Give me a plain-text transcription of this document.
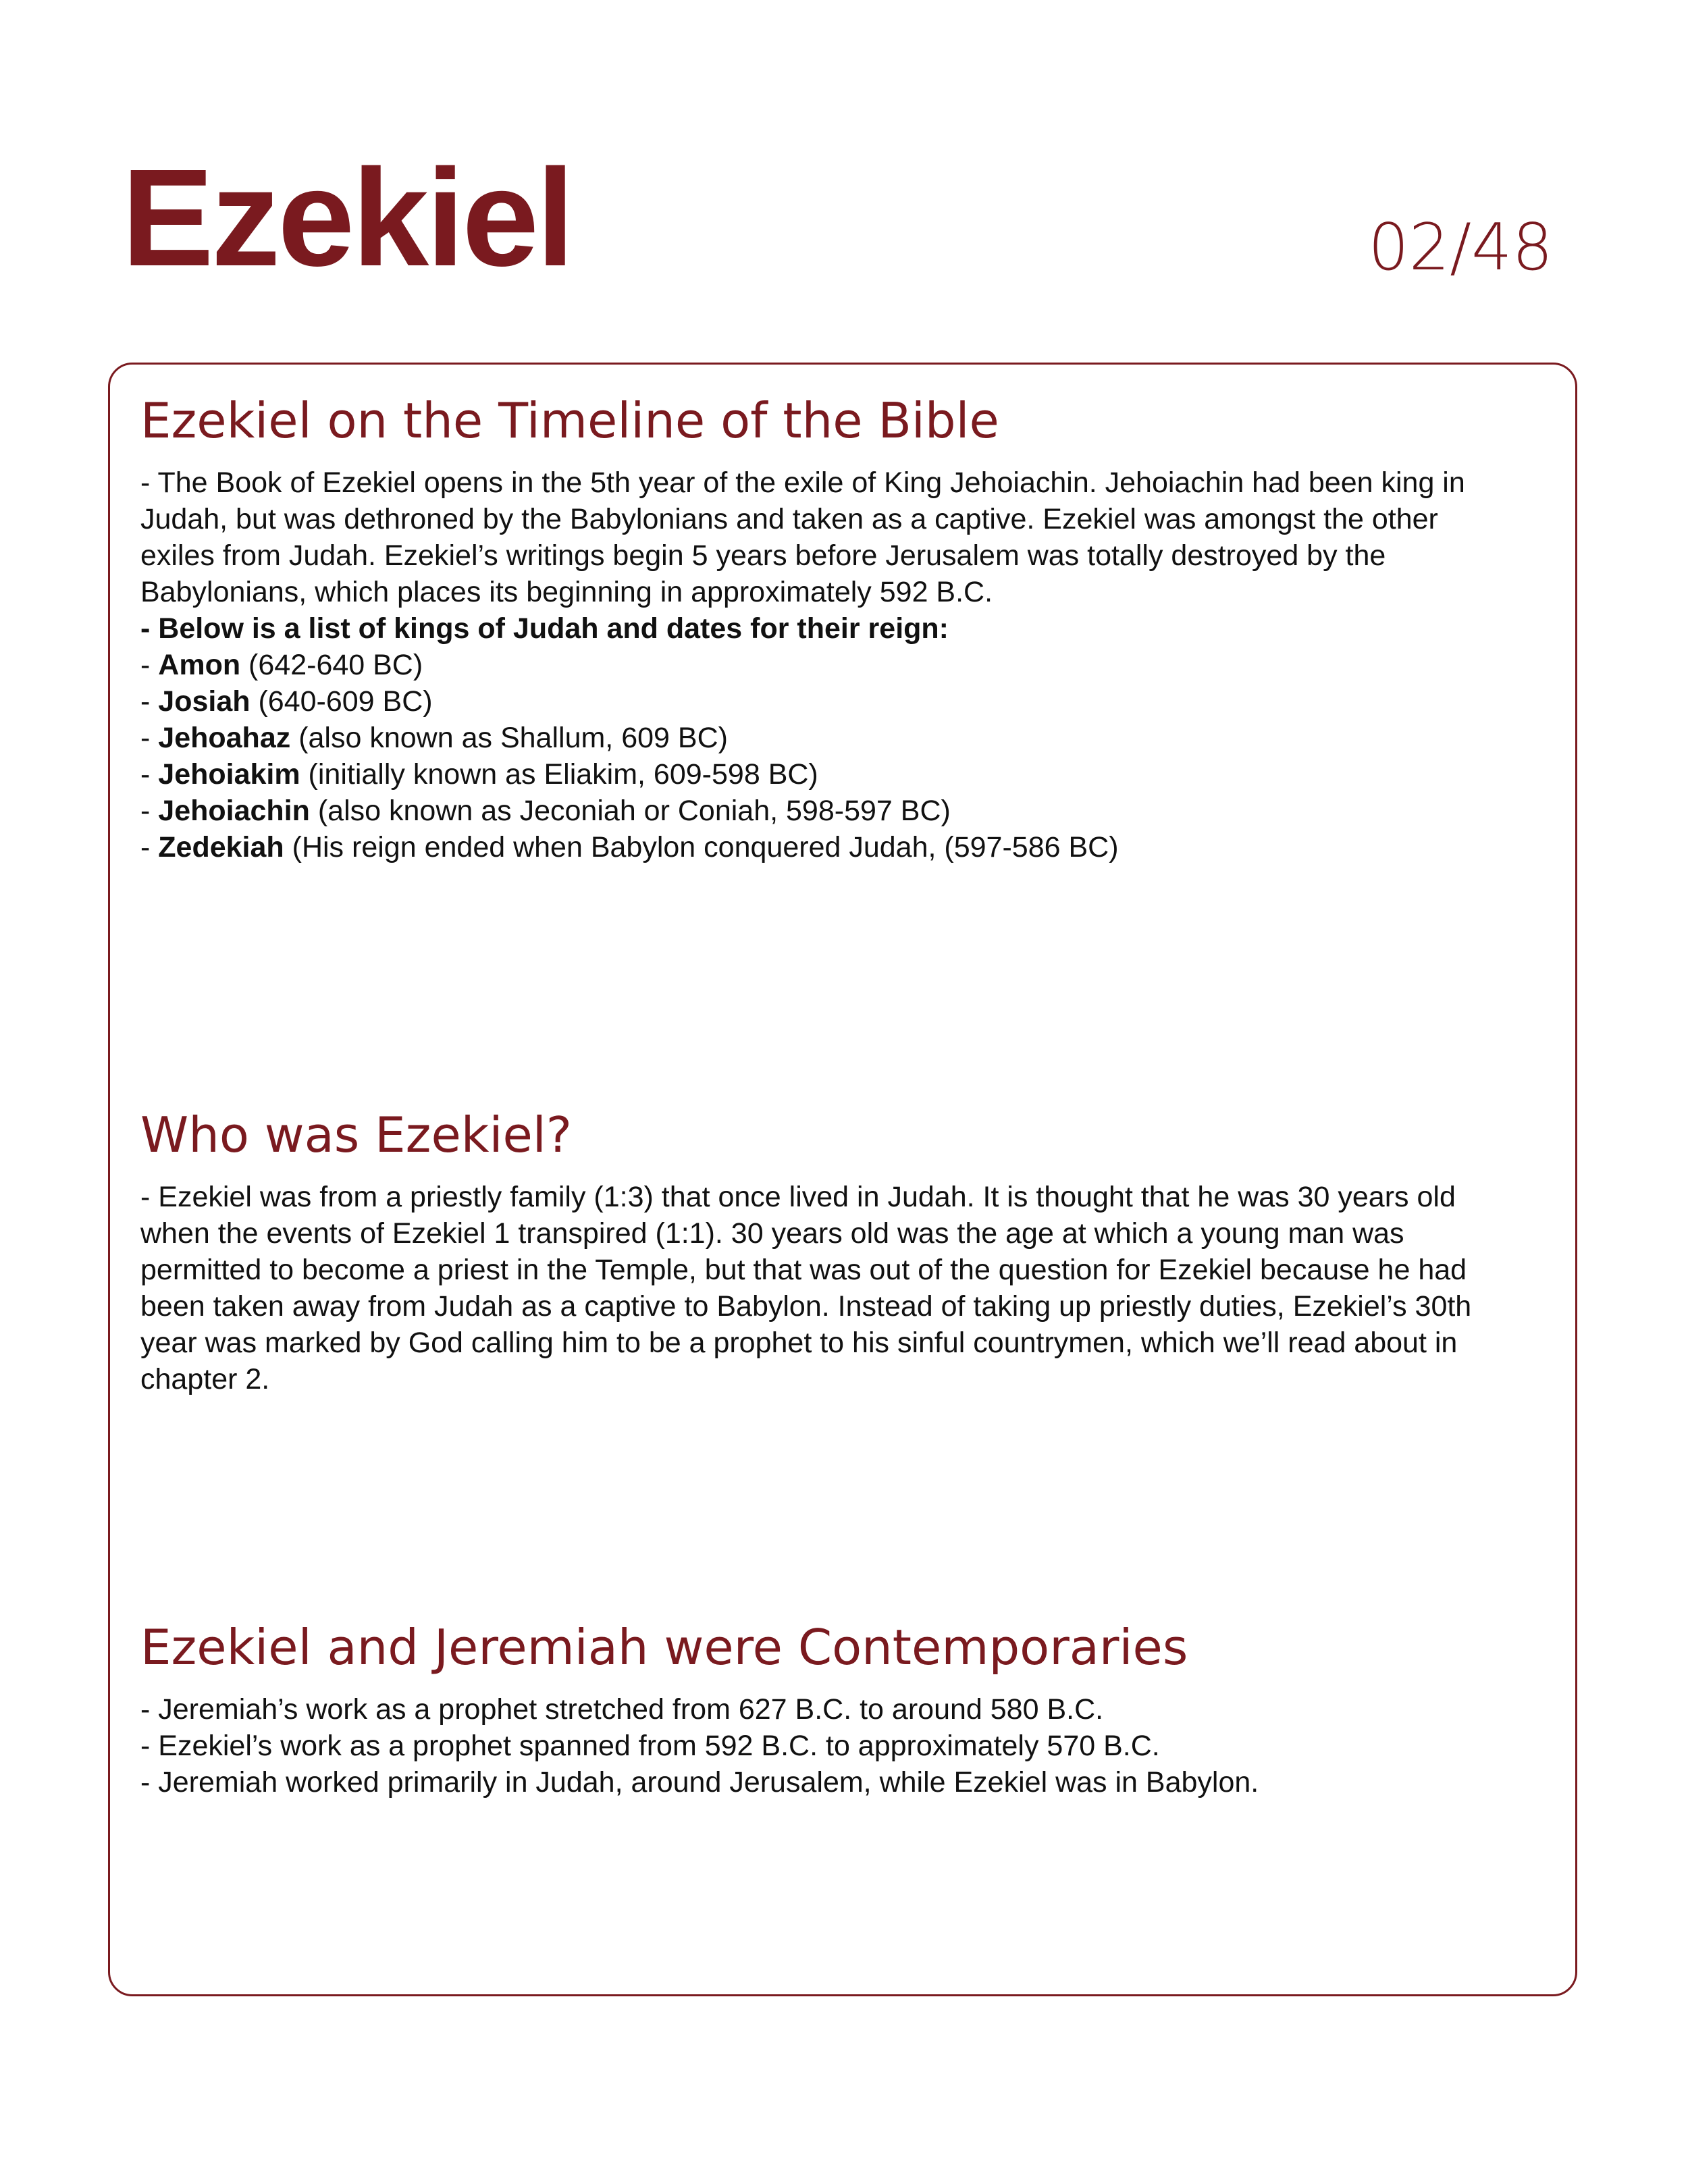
Ezekiel	02/48
Ezekiel on the Timeline of the Bible
- The Book of Ezekiel opens in the 5th year of the exile of King Jehoiachin. Jehoiachin had been king in
Judah, but was dethroned by the Babylonians and taken as a captive. Ezekiel was amongst the other
exiles from Judah. Ezekiel’s writings begin 5 years before Jerusalem was totally destroyed by the
Babylonians, which places its beginning in approximately 592 B.C.
- Below is a list of kings of Judah and dates for their reign:
- Amon (642-640 BC)
- Josiah (640-609 BC)
- Jehoahaz (also known as Shallum, 609 BC)
- Jehoiakim (initially known as Eliakim, 609-598 BC)
- Jehoiachin (also known as Jeconiah or Coniah, 598-597 BC)
- Zedekiah (His reign ended when Babylon conquered Judah, (597-586 BC)
Who was Ezekiel?
- Ezekiel was from a priestly family (1:3) that once lived in Judah. It is thought that he was 30 years old
when the events of Ezekiel 1 transpired (1:1). 30 years old was the age at which a young man was
permitted to become a priest in the Temple, but that was out of the question for Ezekiel because he had
been taken away from Judah as a captive to Babylon. Instead of taking up priestly duties, Ezekiel’s 30th
year was marked by God calling him to be a prophet to his sinful countrymen, which we’ll read about in
chapter 2.
Ezekiel and Jeremiah were Contemporaries
- Jeremiah’s work as a prophet stretched from 627 B.C. to around 580 B.C.
- Ezekiel’s work as a prophet spanned from 592 B.C. to approximately 570 B.C.
- Jeremiah worked primarily in Judah, around Jerusalem, while Ezekiel was in Babylon.
